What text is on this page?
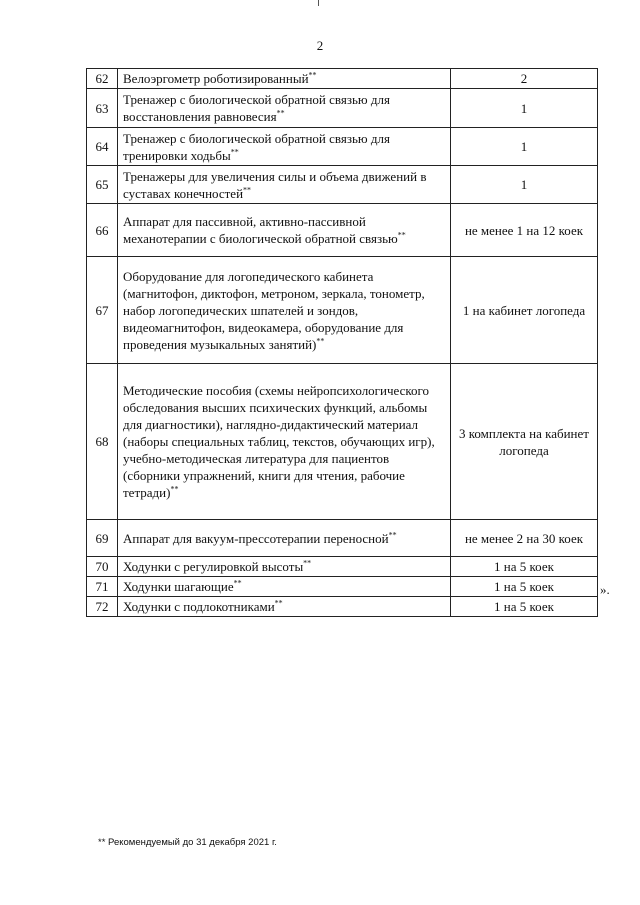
2
62	Велоэргометр роботизированный**	2
63	Тренажер с биологической обратной связью для восстановления равновесия**	1
64	Тренажер с биологической обратной связью для тренировки ходьбы**	1
65	Тренажеры для увеличения силы и объема движений в суставах конечностей**	1
66	Аппарат для пассивной, активно-пассивной механотерапии с биологической обратной связью**	не менее 1 на 12 коек
67	Оборудование для логопедического кабинета (магнитофон, диктофон, метроном, зеркала, тонометр, набор логопедических шпателей и зондов, видеомагнитофон, видеокамера, оборудование для проведения музыкальных занятий)**	1 на кабинет логопеда
68	Методические пособия (схемы нейропсихологического обследования высших психических функций, альбомы для диагностики), наглядно-дидактический материал (наборы специальных таблиц, текстов, обучающих игр), учебно-методическая литература для пациентов (сборники упражнений, книги для чтения, рабочие тетради)**	3 комплекта на кабинет логопеда
69	Аппарат для вакуум-прессотерапии переносной**	не менее 2 на 30 коек
70	Ходунки с регулировкой высоты**	1 на 5 коек
71	Ходунки шагающие**	1 на 5 коек
72	Ходунки с подлокотниками**	1 на 5 коек
».
** Рекомендуемый до 31 декабря 2021 г.
